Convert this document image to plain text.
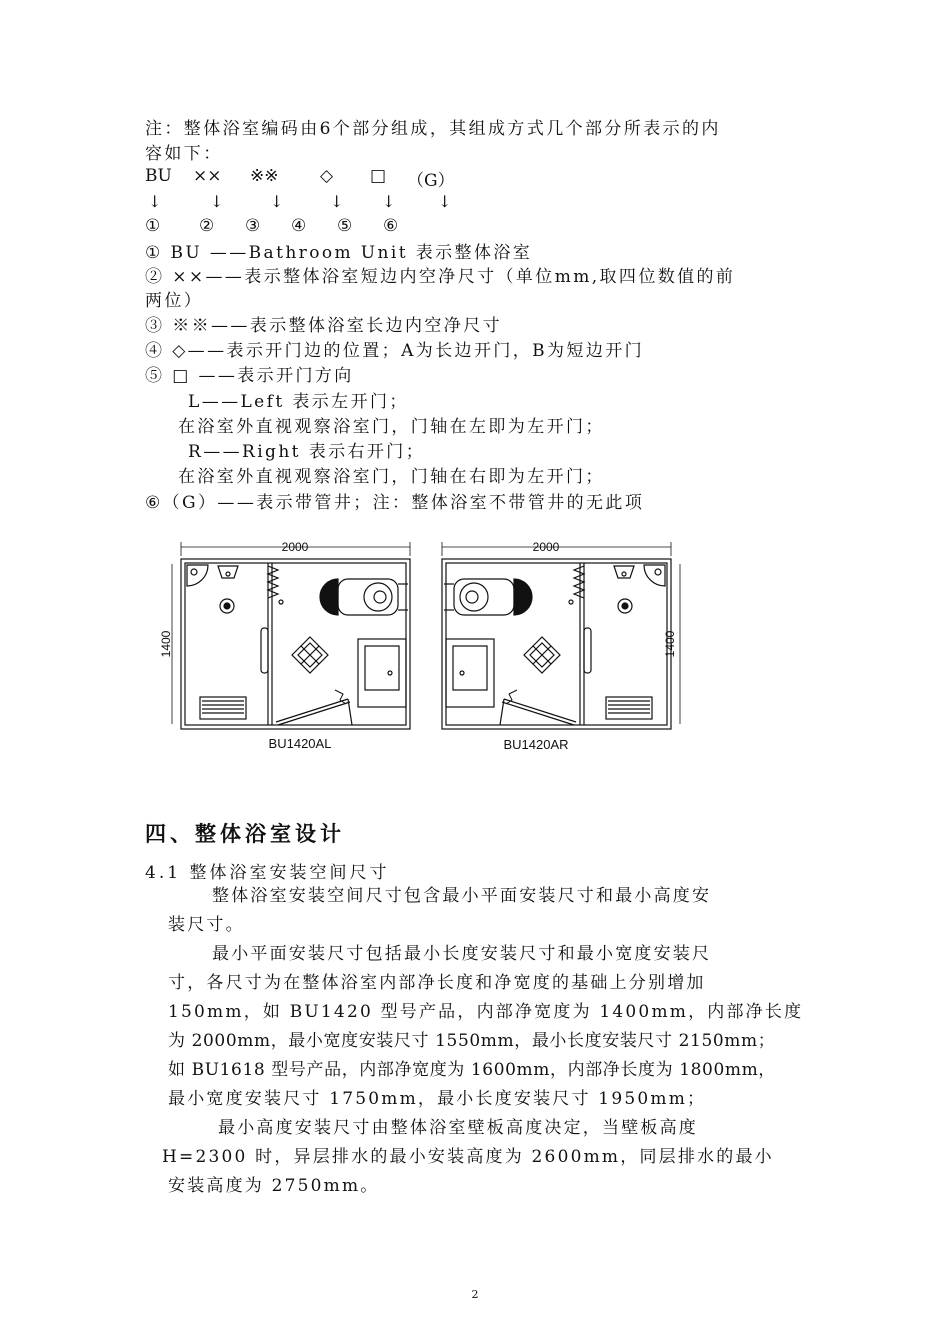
注：整体浴室编码由6个部分组成，其组成方式几个部分所表示的内
容如下：
BU ×× ※※ ◇ □ （G）
↓	↓	↓	↓ ↓	↓
① ② ③ ④ ⑤ ⑥
① BU ——Bathroom Unit 表示整体浴室
② ××——表示整体浴室短边内空净尺寸（单位mm,取四位数值的前
两位）
③ ※※——表示整体浴室长边内空净尺寸
④ ◇——表示开门边的位置；A为长边开门，B为短边开门
⑤ □ ——表示开门方向
L——Left 表示左开门；
在浴室外直视观察浴室门，门轴在左即为左开门；
R——Right 表示右开门；
在浴室外直视观察浴室门，门轴在右即为左开门；
⑥（G）——表示带管井；注：整体浴室不带管井的无此项
2000
1400
BU1420AL
2000
1400
BU1420AR
四、整体浴室设计
4.1 整体浴室安装空间尺寸

整体浴室安装空间尺寸包含最小平面安装尺寸和最小高度安

装尺寸。

最小平面安装尺寸包括最小长度安装尺寸和最小宽度安装尺

寸，各尺寸为在整体浴室内部净长度和净宽度的基础上分别增加

150mm，如 BU1420 型号产品，内部净宽度为 1400mm，内部净长度

为 2000mm，最小宽度安装尺寸 1550mm，最小长度安装尺寸 2150mm；

如 BU1618 型号产品，内部净宽度为 1600mm，内部净长度为 1800mm，

最小宽度安装尺寸 1750mm，最小长度安装尺寸 1950mm；

最小高度安装尺寸由整体浴室壁板高度决定，当壁板高度

H=2300 时，异层排水的最小安装高度为 2600mm，同层排水的最小

安装高度为 2750mm。

2
